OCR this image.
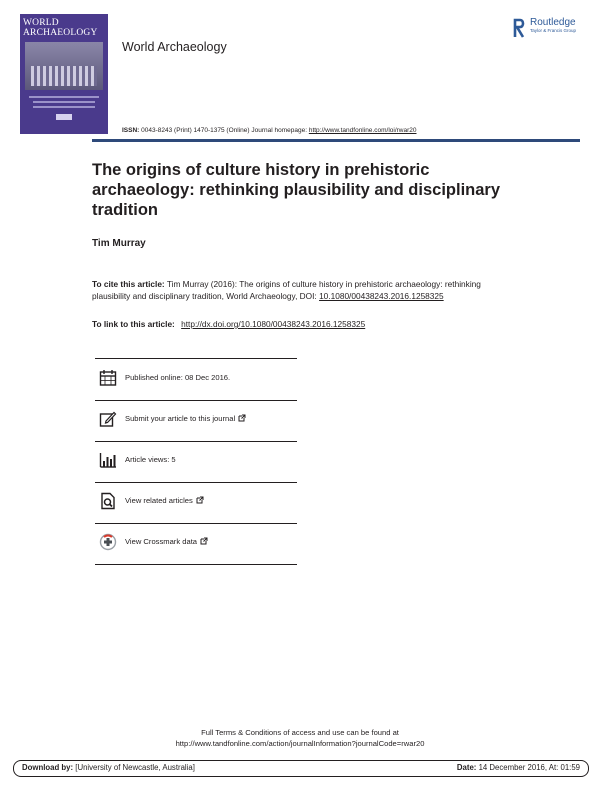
WORLD
ARCHAEOLOGY
World Archaeology
Routledge
Taylor & Francis Group
ISSN: 0043-8243 (Print) 1470-1375 (Online) Journal homepage: http://www.tandfonline.com/loi/rwar20
The origins of culture history in prehistoric archaeology: rethinking plausibility and disciplinary tradition
Tim Murray
To cite this article: Tim Murray (2016): The origins of culture history in prehistoric archaeology: rethinking plausibility and disciplinary tradition, World Archaeology, DOI: 10.1080/00438243.2016.1258325
To link to this article: http://dx.doi.org/10.1080/00438243.2016.1258325
Published online: 08 Dec 2016.
Submit your article to this journal
Article views: 5
View related articles
View Crossmark data
Full Terms & Conditions of access and use can be found at
http://www.tandfonline.com/action/journalInformation?journalCode=rwar20
Download by: [University of Newcastle, Australia]	Date: 14 December 2016, At: 01:59
